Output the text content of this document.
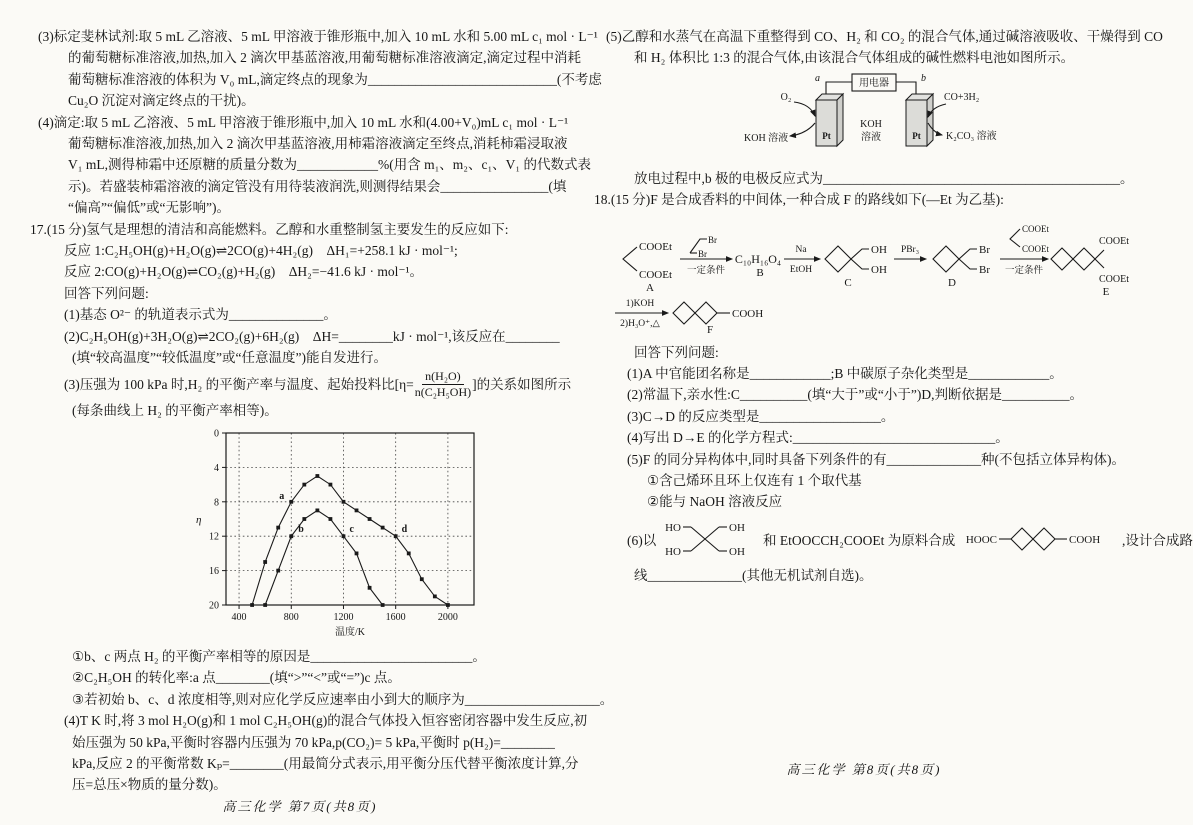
(3)标定斐林试剂:取 5 mL 乙溶液、5 mL 甲溶液于锥形瓶中,加入 10 mL 水和 5.00 mL c₁ mol · L⁻¹
的葡萄糖标准溶液,加热,加入 2 滴次甲基蓝溶液,用葡萄糖标准溶液滴定,滴定过程中消耗
葡萄糖标准溶液的体积为 V₀ mL,滴定终点的现象为____________________________(不考虑
Cu₂O 沉淀对滴定终点的干扰)。
(4)滴定:取 5 mL 乙溶液、5 mL 甲溶液于锥形瓶中,加入 10 mL 水和(4.00+V₀)mL c₁ mol · L⁻¹
葡萄糖标准溶液,加热,加入 2 滴次甲基蓝溶液,用柿霜溶液滴定至终点,消耗柿霜浸取液
V₁ mL,测得柿霜中还原糖的质量分数为____________%(用含 m₁、m₂、c₁、V₁ 的代数式表
示)。若盛装柿霜溶液的滴定管没有用待装液润洗,则测得结果会________________(填
“偏高”“偏低”或“无影响”)。
17.(15 分)氢气是理想的清洁和高能燃料。乙醇和水重整制氢主要发生的反应如下:
反应 1:C₂H₅OH(g)+H₂O(g)⇌2CO(g)+4H₂(g)    ΔH₁=+258.1 kJ · mol⁻¹;
反应 2:CO(g)+H₂O(g)⇌CO₂(g)+H₂(g)    ΔH₂=−41.6 kJ · mol⁻¹。
回答下列问题:
(1)基态 O²⁻ 的轨道表示式为______________。
(2)C₂H₅OH(g)+3H₂O(g)⇌2CO₂(g)+6H₂(g)    ΔH=________kJ · mol⁻¹,该反应在________
(填“较高温度”“较低温度”或“任意温度”)能自发进行。
(3)压强为 100 kPa 时,H₂ 的平衡产率与温度、起始投料比[$\eta= \frac{\text{n(H₂O)}}{\text{n(C₂H₅OH)}}$ ]的关系如图所示
(每条曲线上 H₂ 的平衡产率相等)。
0
4
8
12
16
20
400	800	1200	1600	2000
η
温度/K
a
b	c	d
①b、c 两点 H₂ 的平衡产率相等的原因是________________________。
②C₂H₅OH 的转化率:a 点________(填“>”“<”或“=”)c 点。
③若初始 b、c、d 浓度相等,则对应化学反应速率由小到大的顺序为____________________。
(4)T K 时,将 3 mol H₂O(g)和 1 mol C₂H₅OH(g)的混合气体投入恒容密闭容器中发生反应,初
始压强为 50 kPa,平衡时容器内压强为 70 kPa,p(CO₂)= 5 kPa,平衡时 p(H₂)=________
kPa,反应 2 的平衡常数 Kₚ=________(用最简分式表示,用平衡分压代替平衡浓度计算,分
压=总压×物质的量分数)。
高三化学 第7页(共8页)
(5)乙醇和水蒸气在高温下重整得到 CO、H₂ 和 CO₂ 的混合气体,通过碱溶液吸收、干燥得到 CO
和 H₂ 体积比 1:3 的混合气体,由该混合气体组成的碱性燃料电池如图所示。
用电器
a	b
Pt	Pt
KOH
溶液
O₂
KOH 溶液
CO+3H₂
K₂CO₃ 溶液
放电过程中,b 极的电极反应式为____________________________________________。
18.(15 分)F 是合成香料的中间体,一种合成 F 的路线如下(—Et 为乙基):
COOEt
COOEt
A
Br
Br
一定条件
C₁₀H₁₆O₄
B
Na
EtOH
OH
OH
C
PBr₃	Br
Br
D
COOEt
COOEt
一定条件
COOEt
COOEt
E
1)KOH
2)H₃O⁺,△
COOH
F
回答下列问题:
(1)A 中官能团名称是____________;B 中碳原子杂化类型是____________。
(2)常温下,亲水性:C__________(填“大于”或“小于”)D,判断依据是__________。
(3)C→D 的反应类型是__________________。
(4)写出 D→E 的化学方程式:______________________________。
(5)F 的同分异构体中,同时具备下列条件的有______________种(不包括立体异构体)。
①含己烯环且环上仅连有 1 个取代基
②能与 NaOH 溶液反应
(6)以
HO	OH
HO	OH
和 EtOOCCH₂COOEt 为原料合成 HOOC	COOH ,设计合成路
线______________(其他无机试剂自选)。
高三化学 第8页(共8页)
